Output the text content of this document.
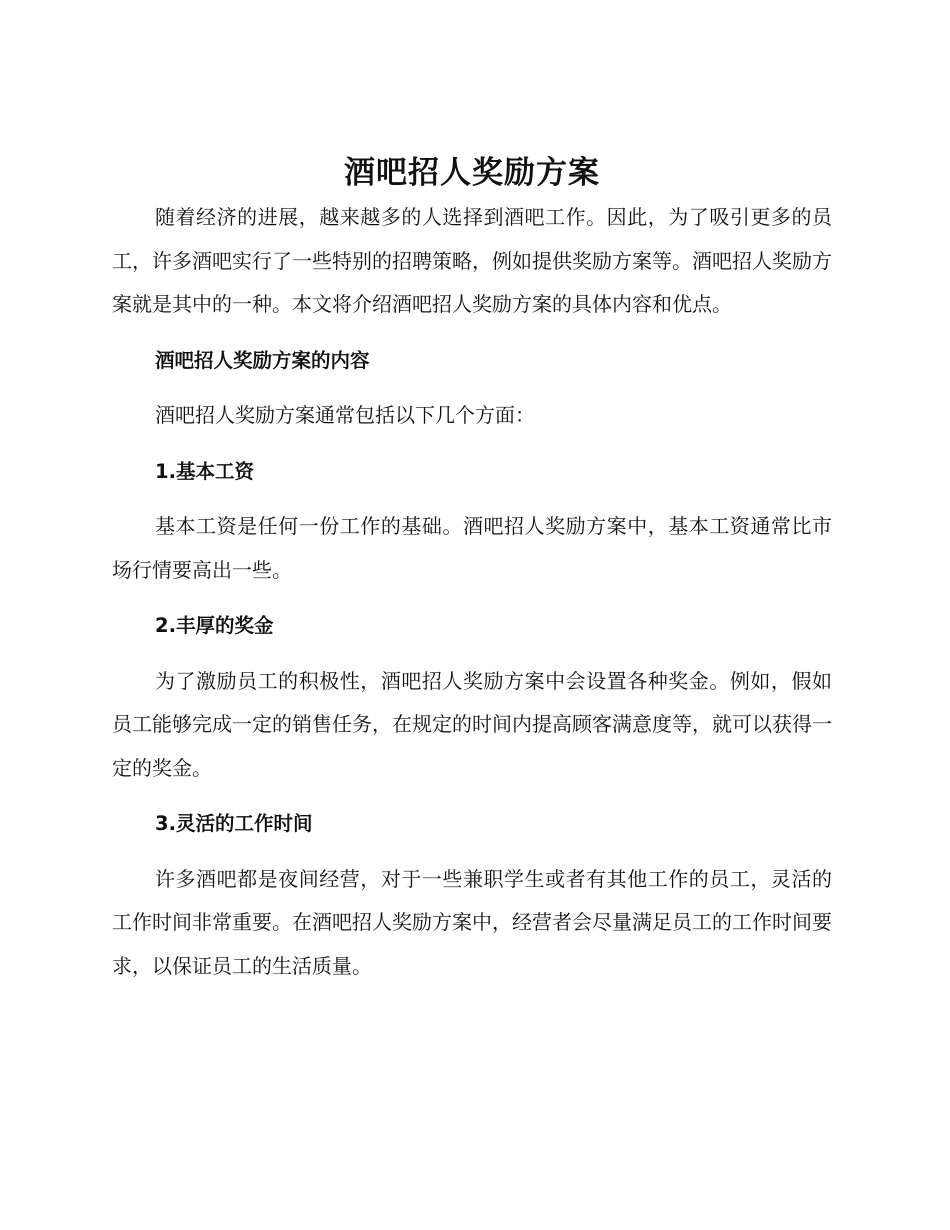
酒吧招人奖励方案

随着经济的进展，越来越多的人选择到酒吧工作。因此，为了吸引更多的员工，许多酒吧实行了一些特别的招聘策略，例如提供奖励方案等。酒吧招人奖励方案就是其中的一种。本文将介绍酒吧招人奖励方案的具体内容和优点。

酒吧招人奖励方案的内容

酒吧招人奖励方案通常包括以下几个方面：

1.基本工资

基本工资是任何一份工作的基础。酒吧招人奖励方案中，基本工资通常比市场行情要高出一些。

2.丰厚的奖金

为了激励员工的积极性，酒吧招人奖励方案中会设置各种奖金。例如，假如员工能够完成一定的销售任务，在规定的时间内提高顾客满意度等，就可以获得一定的奖金。

3.灵活的工作时间

许多酒吧都是夜间经营，对于一些兼职学生或者有其他工作的员工，灵活的工作时间非常重要。在酒吧招人奖励方案中，经营者会尽量满足员工的工作时间要求，以保证员工的生活质量。
